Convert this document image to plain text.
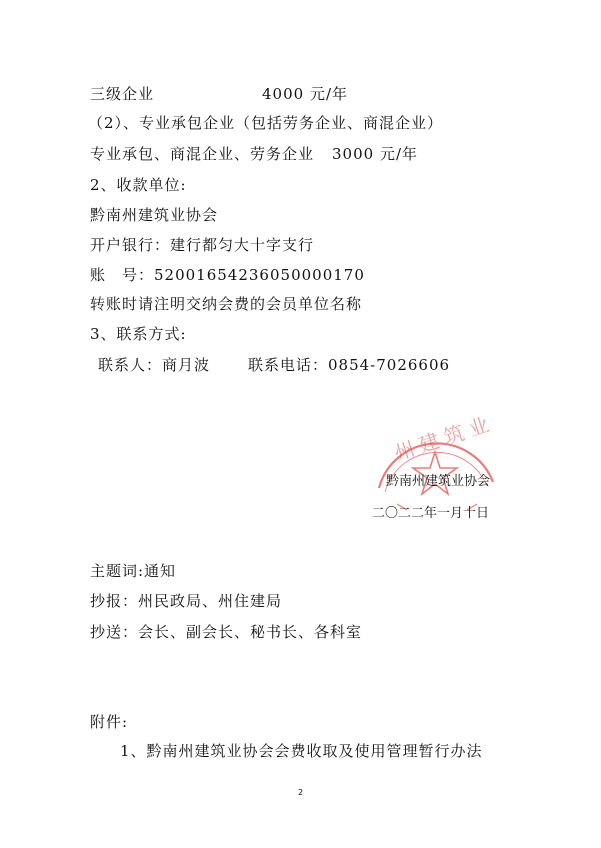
三级企业	4000 元/年
（2）、专业承包企业（包括劳务企业、商混企业）
专业承包、商混企业、劳务企业 3000 元/年
2、收款单位:
黔南州建筑业协会
开户银行：建行都匀大十字支行
账　号：52001654236050000170
转账时请注明交纳会费的会员单位名称
3、联系方式:
联系人：商月波	联系电话：0854-7026606
州建筑业
黔南州建筑业协会
二〇二二年一月十日
主题词:通知
抄报：州民政局、州住建局
抄送：会长、副会长、秘书长、各科室
附件:
1、黔南州建筑业协会会费收取及使用管理暂行办法
2
